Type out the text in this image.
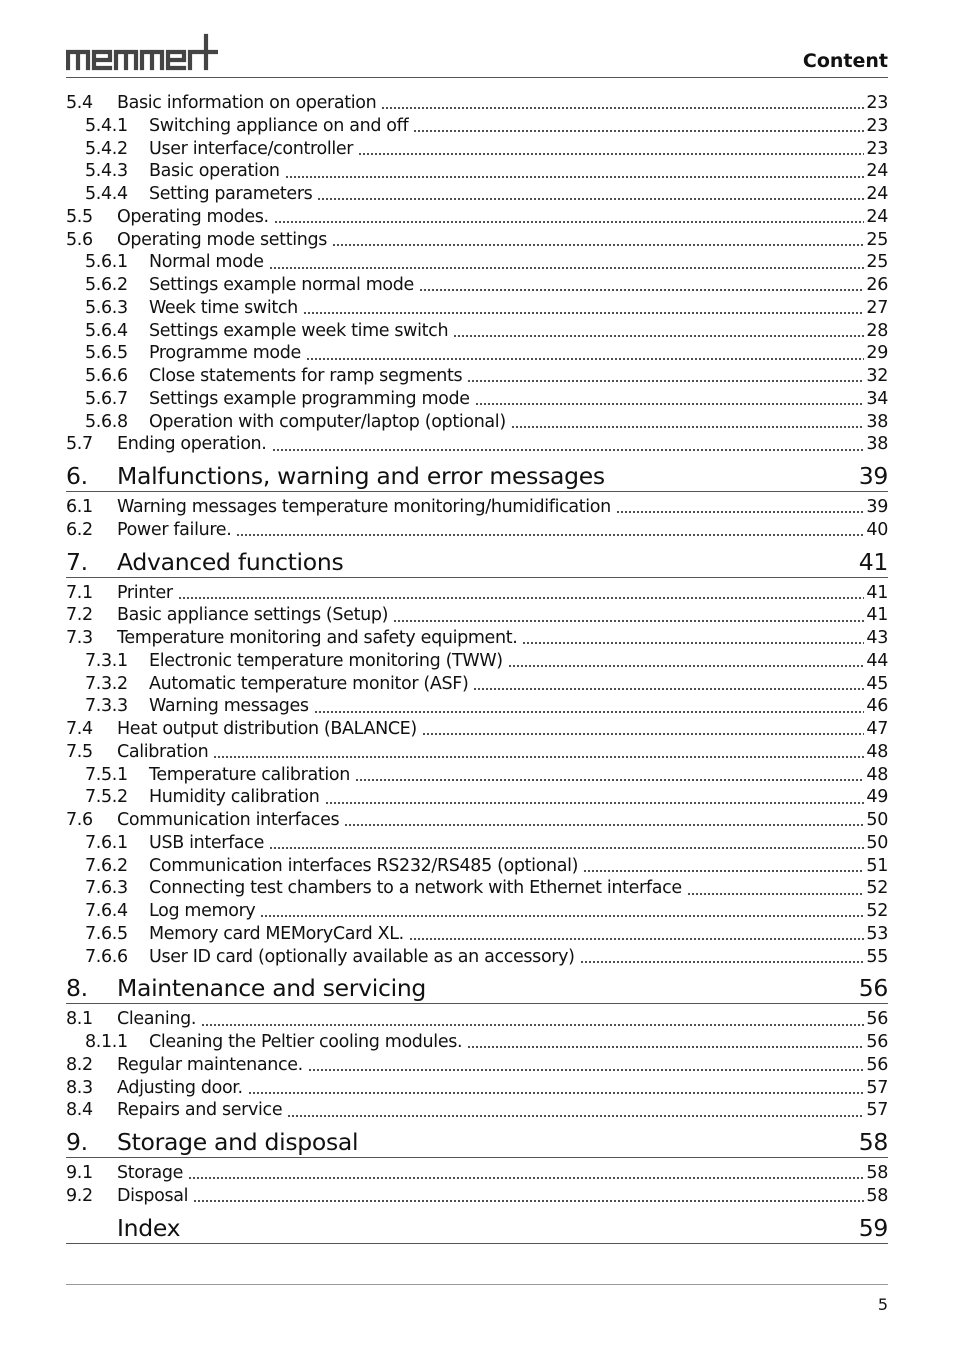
Content
5.4	Basic information on operation	23
5.4.1	Switching appliance on and off	23
5.4.2	User interface/controller	23
5.4.3	Basic operation	24
5.4.4	Setting parameters	24
5.5	Operating modes.	24
5.6	Operating mode settings	25
5.6.1	Normal mode	25
5.6.2	Settings example normal mode	26
5.6.3	Week time switch	27
5.6.4	Settings example week time switch	28
5.6.5	Programme mode	29
5.6.6	Close statements for ramp segments	32
5.6.7	Settings example programming mode	34
5.6.8	Operation with computer/laptop (optional)	38
5.7	Ending operation.	38
6.	Malfunctions, warning and error messages	39
6.1	Warning messages temperature monitoring/humidification	39
6.2	Power failure.	40
7.	Advanced functions	41
7.1	Printer	41
7.2	Basic appliance settings (Setup)	41
7.3	Temperature monitoring and safety equipment.	43
7.3.1	Electronic temperature monitoring (TWW)	44
7.3.2	Automatic temperature monitor (ASF)	45
7.3.3	Warning messages	46
7.4	Heat output distribution (BALANCE)	47
7.5	Calibration	48
7.5.1	Temperature calibration	48
7.5.2	Humidity calibration	49
7.6	Communication interfaces	50
7.6.1	USB interface	50
7.6.2	Communication interfaces RS232/RS485 (optional)	51
7.6.3	Connecting test chambers to a network with Ethernet interface	52
7.6.4	Log memory	52
7.6.5	Memory card MEMoryCard XL.	53
7.6.6	User ID card (optionally available as an accessory)	55
8.	Maintenance and servicing	56
8.1	Cleaning.	56
8.1.1	Cleaning the Peltier cooling modules.	56
8.2	Regular maintenance.	56
8.3	Adjusting door.	57
8.4	Repairs and service	57
9.	Storage and disposal	58
9.1	Storage	58
9.2	Disposal	58
Index	59
5
